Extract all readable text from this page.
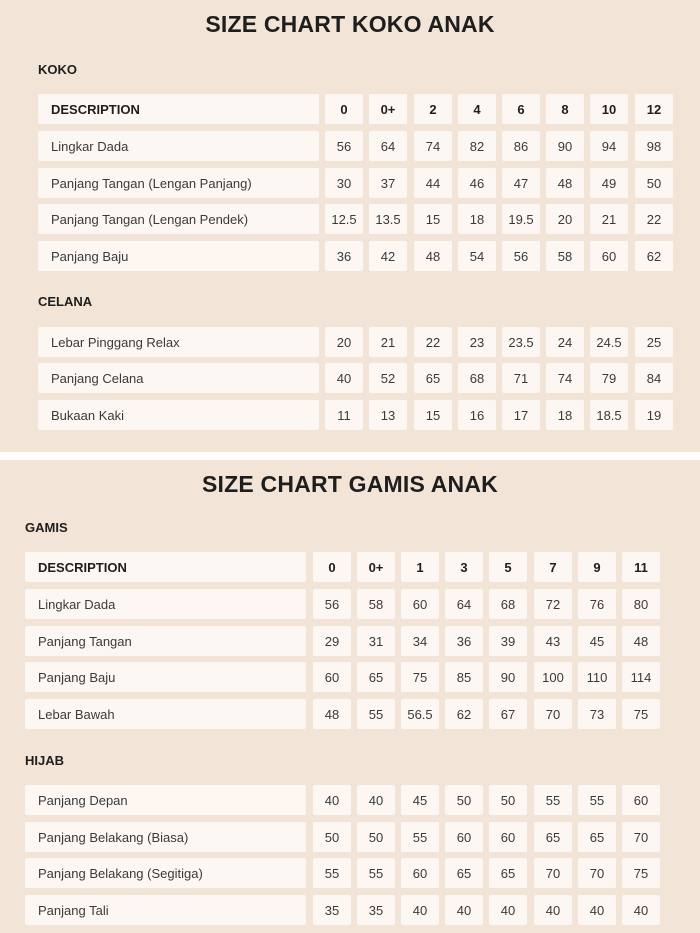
SIZE CHART KOKO ANAK
KOKO
CELANA
DESCRIPTION	0	0+	2	4	6	8	10	12
Lingkar Dada	56	64	74	82	86	90	94	98
Panjang Tangan (Lengan Panjang)	30	37	44	46	47	48	49	50
Panjang Tangan (Lengan Pendek)	12.5	13.5	15	18	19.5	20	21	22
Panjang Baju	36	42	48	54	56	58	60	62
Lebar Pinggang Relax	20	21	22	23	23.5	24	24.5	25
Panjang Celana	40	52	65	68	71	74	79	84
Bukaan Kaki	11	13	15	16	17	18	18.5	19
SIZE CHART GAMIS ANAK
GAMIS
HIJAB
DESCRIPTION	0	0+	1	3	5	7	9	11
Lingkar Dada	56	58	60	64	68	72	76	80
Panjang Tangan	29	31	34	36	39	43	45	48
Panjang Baju	60	65	75	85	90	100	110	114
Lebar Bawah	48	55	56.5	62	67	70	73	75
Panjang Depan	40	40	45	50	50	55	55	60
Panjang Belakang (Biasa)	50	50	55	60	60	65	65	70
Panjang Belakang (Segitiga)	55	55	60	65	65	70	70	75
Panjang Tali	35	35	40	40	40	40	40	40
